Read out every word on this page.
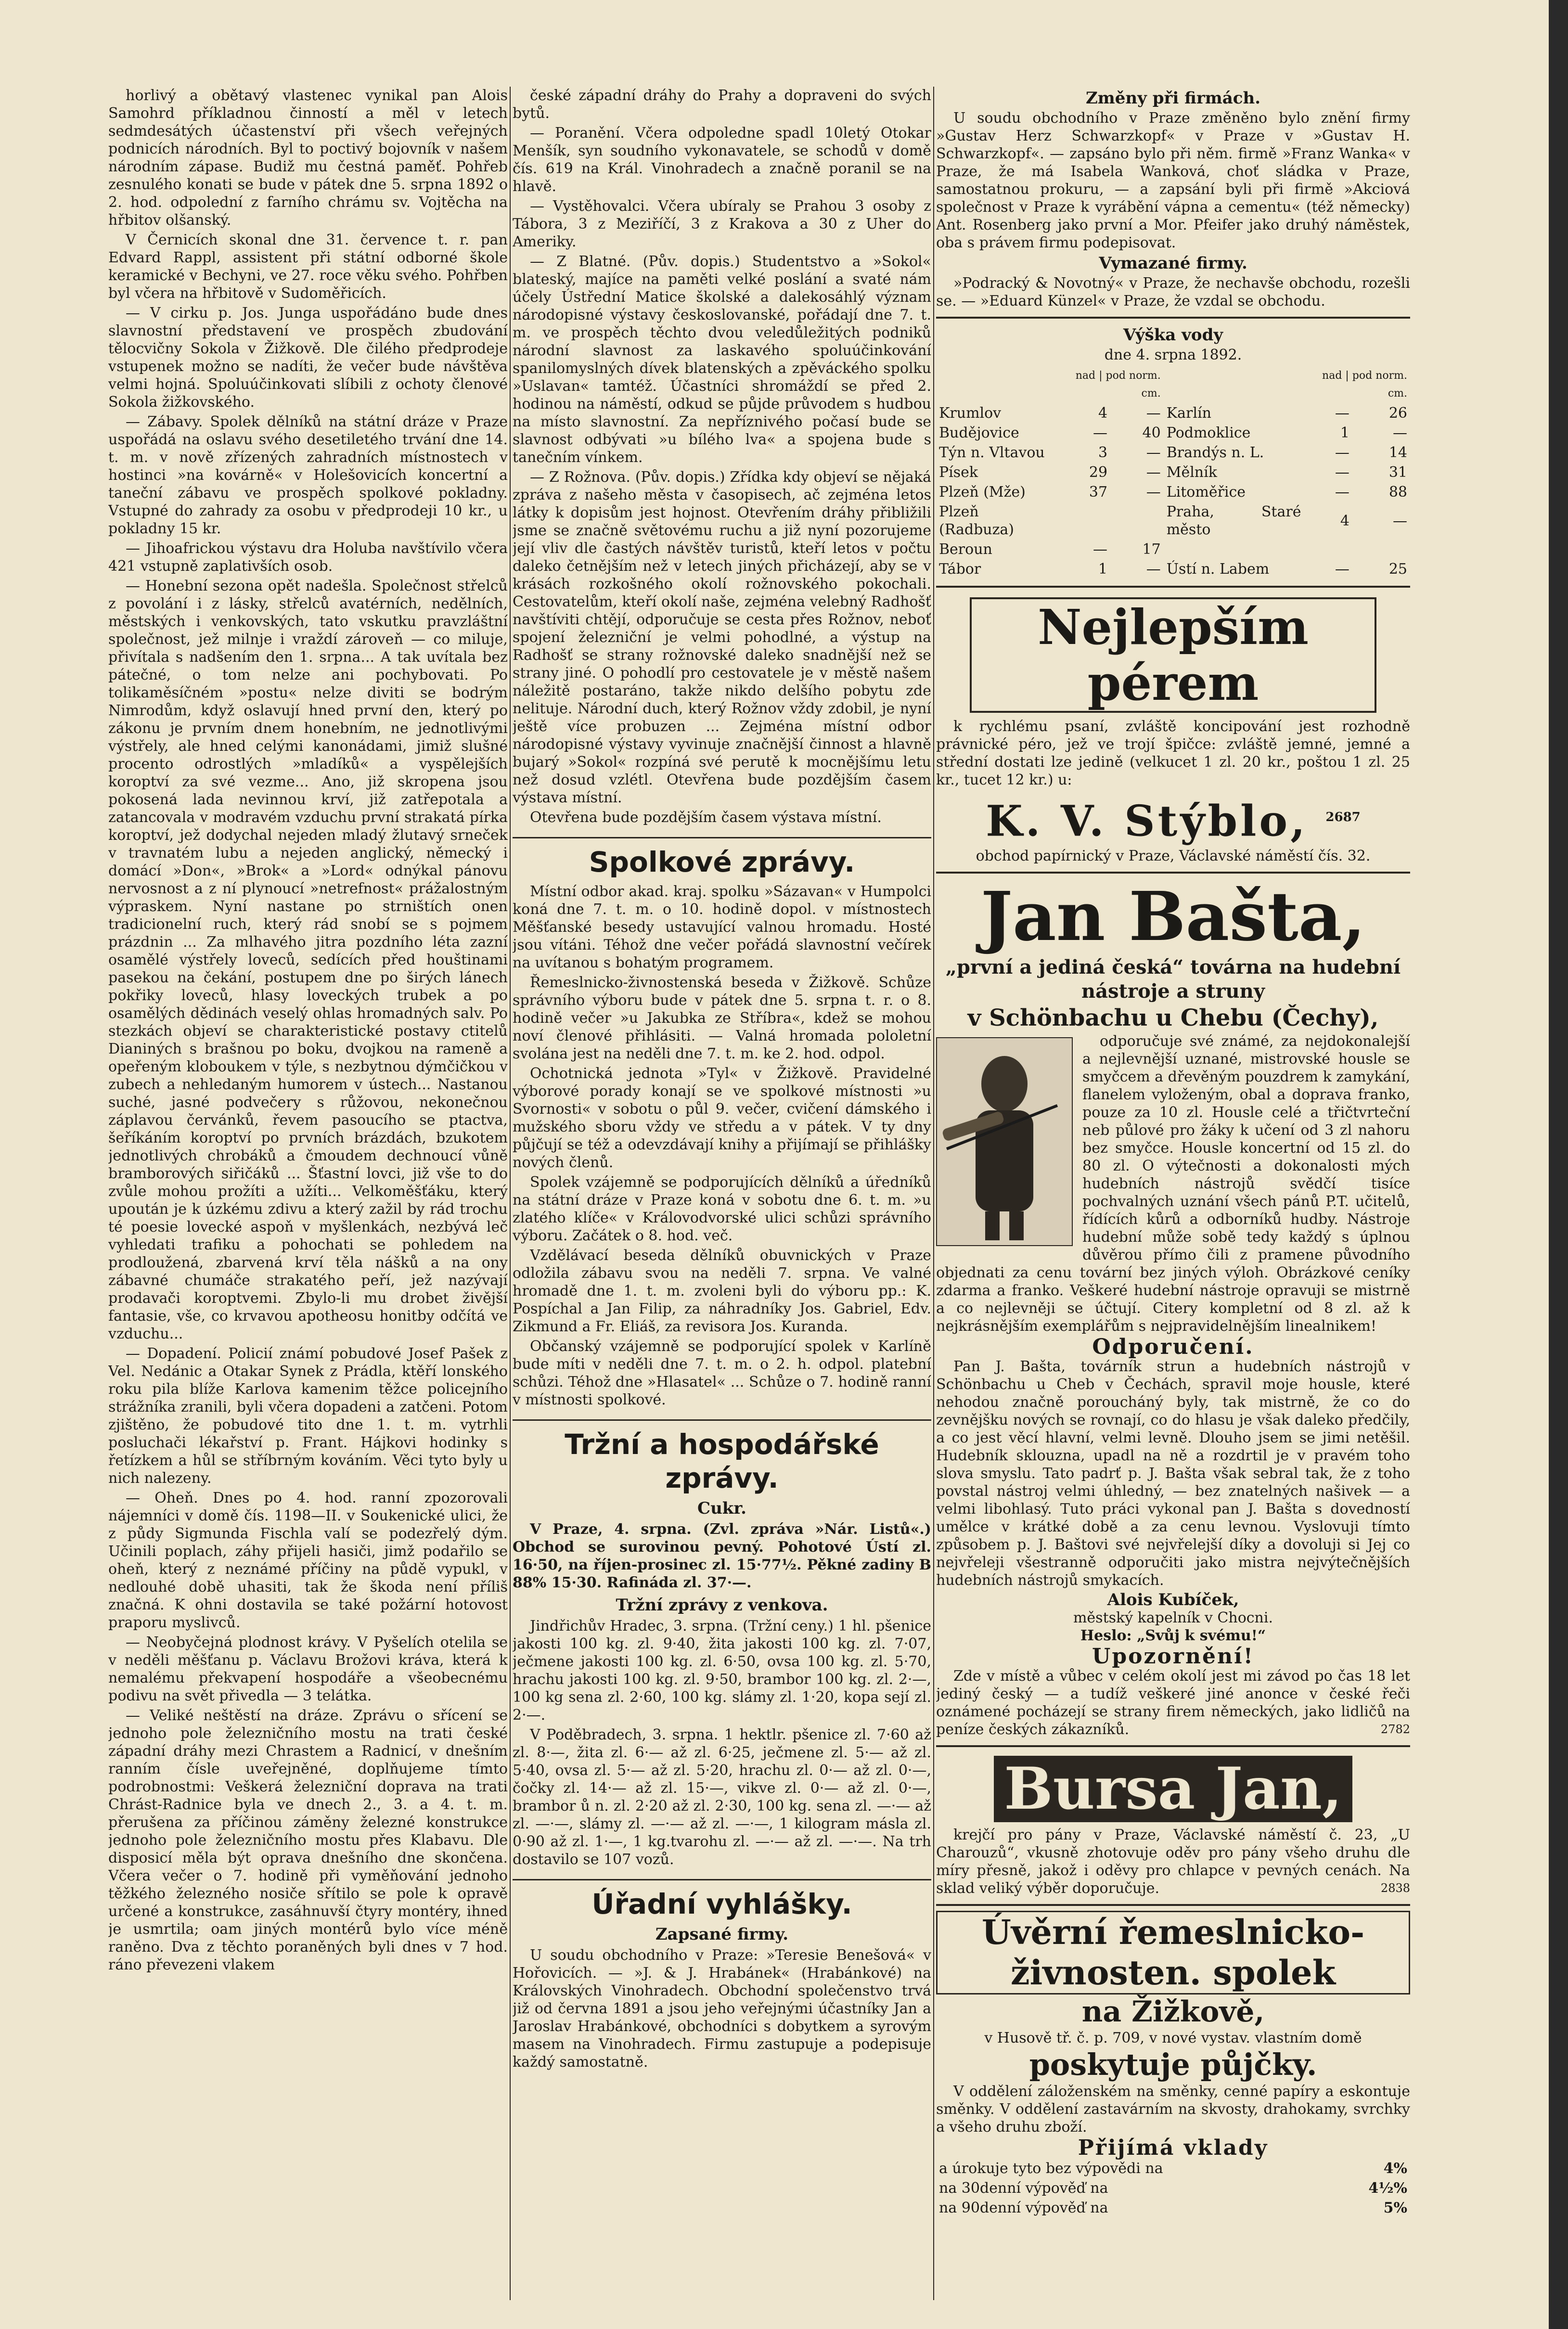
horlivý a obětavý vlastenec vynikal pan Alois Samohrd příkladnou činností a měl v letech sedmdesátých účastenství při všech veřejných podnicích národních. Byl to poctivý bojovník v našem národním zápase. Budiž mu čestná paměť. Pohřeb zesnulého konati se bude v pátek dne 5. srpna 1892 o 2. hod. odpolední z farního chrámu sv. Vojtěcha na hřbitov olšanský.

V Černicích skonal dne 31. července t. r. pan Edvard Rappl, assistent při státní odborné škole keramické v Bechyni, ve 27. roce věku svého. Pohřben byl včera na hřbitově v Sudoměřicích.

— V cirku p. Jos. Junga uspořádáno bude dnes slavnostní představení ve prospěch zbudování tělocvičny Sokola v Žižkově. Dle čilého předprodeje vstupenek možno se nadíti, že večer bude návštěva velmi hojná. Spoluúčinkovati slíbili z ochoty členové Sokola žižkovského.

— Zábavy. Spolek dělníků na státní dráze v Praze uspořádá na oslavu svého desetiletého trvání dne 14. t. m. v nově zřízených zahradních místnostech v hostinci »na kovárně« v Holešovicích koncertní a taneční zábavu ve prospěch spolkové pokladny. Vstupné do zahrady za osobu v předprodeji 10 kr., u pokladny 15 kr.

— Jihoafrickou výstavu dra Holuba navštívilo včera 421 vstupně zaplativších osob.

— Honební sezona opět nadešla. Společnost střelců z povolání i z lásky, střelců avatérních, nedělních, městských i venkovských, tato vskutku pravzláštní společnost, jež milnje i vraždí zároveň — co miluje, přivítala s nadšením den 1. srpna... A tak uvítala bez pátečné, o tom nelze ani pochybovati. Po tolikaměsíčném »postu« nelze diviti se bodrým Nimrodům, když oslavují hned první den, který po zákonu je prvním dnem honebním, ne jednotlivými výstřely, ale hned celými kanonádami, jimiž slušné procento odrostlých »mladíků« a vyspělejších koroptví za své vezme... Ano, již skropena jsou pokosená lada nevinnou krví, již zatřepotala a zatancovala v modravém vzduchu první strakatá pírka koroptví, jež dodychal nejeden mladý žlutavý srneček v travnatém lubu a nejeden anglický, německý i domácí »Don«, »Brok« a »Lord« odnýkal pánovu nervosnost a z ní plynoucí »netrefnost« prážalostným výpraskem. Nyní nastane po strništích onen tradicionelní ruch, který rád snobí se s pojmem prázdnin ... Za mlhavého jitra pozdního léta zazní osamělé výstřely loveců, sedících před houštinami pasekou na čekání, postupem dne po širých lánech pokřiky loveců, hlasy loveckých trubek a po osamělých dědinách veselý ohlas hromadných salv. Po stezkách objeví se charakteristické postavy ctitelů Dianiných s brašnou po boku, dvojkou na rameně a opeřeným kloboukem v týle, s nezbytnou dýmčičkou v zubech a nehledaným humorem v ústech... Nastanou suché, jasné podvečery s růžovou, nekonečnou záplavou červánků, řevem pasoucího se ptactva, šeříkáním koroptví po prvních brázdách, bzukotem jednotlivých chrobáků a čmoudem dechnoucí vůně bramborových siřičáků ... Šťastní lovci, již vše to do zvůle mohou prožíti a užíti... Velkoměšťáku, který upoután je k úzkému zdivu a který zažil by rád trochu té poesie lovecké aspoň v myšlenkách, nezbývá leč vyhledati trafiku a pohochati se pohledem na prodloužená, zbarvená krví těla nášků a na ony zábavné chumáče strakatého peří, jež nazývají prodavači koroptvemi. Zbylo-li mu drobet živější fantasie, vše, co krvavou apotheosu honitby odčítá ve vzduchu...

— Dopadení. Policií známí pobudové Josef Pašek z Vel. Nedánic a Otakar Synek z Prádla, ktěří lonského roku pila blíže Karlova kamenim těžce policejního strážníka zranili, byli včera dopadeni a zatčeni. Potom zjištěno, že pobudové tito dne 1. t. m. vytrhli posluchači lékařství p. Frant. Hájkovi hodinky s řetízkem a hůl se stříbrným kováním. Věci tyto byly u nich nalezeny.

— Oheň. Dnes po 4. hod. ranní zpozorovali nájemníci v domě čís. 1198—II. v Soukenické ulici, že z půdy Sigmunda Fischla valí se podezřelý dým. Učinili poplach, záhy přijeli hasiči, jimž podařilo se oheň, který z neznámé příčiny na půdě vypukl, v nedlouhé době uhasiti, tak že škoda není příliš značná. K ohni dostavila se také požární hotovost praporu myslivců.

— Neobyčejná plodnost krávy. V Pyšelích otelila se v neděli měšťanu p. Václavu Brožovi kráva, která k nemalému překvapení hospodáře a všeobecnému podivu na svět přivedla — 3 telátka.

— Veliké neštěstí na dráze. Zprávu o sřícení se jednoho pole železničního mostu na trati české západní dráhy mezi Chrastem a Radnicí, v dnešním ranním čísle uveřejněné, doplňujeme tímto podrobnostmi: Veškerá železniční doprava na trati Chrást-Radnice byla ve dnech 2., 3. a 4. t. m. přerušena za příčinou záměny železné konstrukce jednoho pole železničního mostu přes Klabavu. Dle disposicí měla být oprava dnešního dne skončena. Včera večer o 7. hodině při vyměňování jednoho těžkého železného nosiče sřítilo se pole k opravě určené a konstrukce, zasáhnuvší čtyry montéry, ihned je usmrtila; oam jiných montérů bylo více méně raněno. Dva z těchto poraněných byli dnes v 7 hod. ráno převezeni vlakem

české západní dráhy do Prahy a dopraveni do svých bytů.

— Poranění. Včera odpoledne spadl 10letý Otokar Menšík, syn soudního vykonavatele, se schodů v domě čís. 619 na Král. Vinohradech a značně poranil se na hlavě.

— Vystěhovalci. Včera ubíraly se Prahou 3 osoby z Tábora, 3 z Meziříčí, 3 z Krakova a 30 z Uher do Ameriky.

— Z Blatné. (Pův. dopis.) Studentstvo a »Sokol« blateský, majíce na paměti velké poslání a svaté nám účely Ústřední Matice školské a dalekosáhlý význam národopisné výstavy českoslovanské, pořádají dne 7. t. m. ve prospěch těchto dvou veledůležitých podniků národní slavnost za laskavého spoluúčinkování spanilomyslných dívek blatenských a zpěváckého spolku »Uslavan« tamtéž. Účastníci shromáždí se před 2. hodinou na náměstí, odkud se půjde průvodem s hudbou na místo slavnostní. Za nepříznivého počasí bude se slavnost odbývati »u bílého lva« a spojena bude s tanečním vínkem.

— Z Rožnova. (Pův. dopis.) Zřídka kdy objeví se nějaká zpráva z našeho města v časopisech, ač zejména letos látky k dopisům jest hojnost. Otevřením dráhy přibližili jsme se značně světovému ruchu a již nyní pozorujeme její vliv dle častých návštěv turistů, kteří letos v počtu daleko četnějším než v letech jiných přicházejí, aby se v krásách rozkošného okolí rožnovského pokochali. Cestovatelům, kteří okolí naše, zejména velebný Radhošť navštíviti chtějí, odporučuje se cesta přes Rožnov, neboť spojení železniční je velmi pohodlné, a výstup na Radhošť se strany rožnovské daleko snadnější než se strany jiné. O pohodlí pro cestovatele je v městě našem náležitě postaráno, takže nikdo delšího pobytu zde nelituje. Národní duch, který Rožnov vždy zdobil, je nyní ještě více probuzen ... Zejména místní odbor národopisné výstavy vyvinuje značnější činnost a hlavně bujarý »Sokol« rozpíná své perutě k mocnějšímu letu než dosud vzlétl. Otevřena bude pozdějším časem výstava místní.

Otevřena bude pozdějším časem výstava místní.

Spolkové zprávy.

Místní odbor akad. kraj. spolku »Sázavan« v Humpolci koná dne 7. t. m. o 10. hodině dopol. v místnostech Měšťanské besedy ustavující valnou hromadu. Hosté jsou vítáni. Téhož dne večer pořádá slavnostní večírek na uvítanou s bohatým programem.

Řemeslnicko-živnostenská beseda v Žižkově. Schůze správního výboru bude v pátek dne 5. srpna t. r. o 8. hodině večer »u Jakubka ze Stříbra«, kdež se mohou noví členové přihlásiti. — Valná hromada pololetní svolána jest na neděli dne 7. t. m. ke 2. hod. odpol.

Ochotnická jednota »Tyl« v Žižkově. Pravidelné výborové porady konají se ve spolkové místnosti »u Svornosti« v sobotu o půl 9. večer, cvičení dámského i mužského sboru vždy ve středu a v pátek. V ty dny půjčují se též a odevzdávají knihy a přijímají se přihlášky nových členů.

Spolek vzájemně se podporujících dělníků a úředníků na státní dráze v Praze koná v sobotu dne 6. t. m. »u zlatého klíče« v Královodvorské ulici schůzi správního výboru. Začátek o 8. hod. več.

Vzdělávací beseda dělníků obuvnických v Praze odložila zábavu svou na neděli 7. srpna. Ve valné hromadě dne 1. t. m. zvoleni byli do výboru pp.: K. Pospíchal a Jan Filip, za náhradníky Jos. Gabriel, Edv. Zikmund a Fr. Eliáš, za revisora Jos. Kuranda.

Občanský vzájemně se podporující spolek v Karlíně bude míti v neděli dne 7. t. m. o 2. h. odpol. platební schůzi. Téhož dne »Hlasatel« ... Schůze o 7. hodině ranní v místnosti spolkové.

Tržní a hospodářské zprávy.
Cukr.

V Praze, 4. srpna. (Zvl. zpráva »Nár. Listů«.) Obchod se surovinou pevný. Pohotové Ústí zl. 16·50, na říjen-prosinec zl. 15·77½. Pěkné zadiny B 88% 15·30. Rafináda zl. 37·—.

Tržní zprávy z venkova.

Jindřichův Hradec, 3. srpna. (Tržní ceny.) 1 hl. pšenice jakosti 100 kg. zl. 9·40, žita jakosti 100 kg. zl. 7·07, ječmene jakosti 100 kg. zl. 6·50, ovsa 100 kg. zl. 5·70, hrachu jakosti 100 kg. zl. 9·50, brambor 100 kg. zl. 2·—, 100 kg sena zl. 2·60, 100 kg. slámy zl. 1·20, kopa sejí zl. 2·—.

V Poděbradech, 3. srpna. 1 hektlr. pšenice zl. 7·60 až zl. 8·—, žita zl. 6·— až zl. 6·25, ječmene zl. 5·— až zl. 5·40, ovsa zl. 5·— až zl. 5·20, hrachu zl. 0·— až zl. 0·—, čočky zl. 14·— až zl. 15·—, vikve zl. 0·— až zl. 0·—, brambor ů n. zl. 2·20 až zl. 2·30, 100 kg. sena zl. —·— až zl. —·—, slámy zl. —·— až zl. —·—, 1 kilogram másla zl. 0·90 až zl. 1·—, 1 kg.tvarohu zl. —·— až zl. —·—. Na trh dostavilo se 107 vozů.

Úřadní vyhlášky.
Zapsané firmy.

U soudu obchodního v Praze: »Teresie Benešová« v Hořovicích. — »J. & J. Hrabánek« (Hrabánkové) na Královských Vinohradech. Obchodní společenstvo trvá již od června 1891 a jsou jeho veřejnými účastníky Jan a Jaroslav Hrabánkové, obchodníci s dobytkem a syrovým masem na Vinohradech. Firmu zastupuje a podepisuje každý samostatně.

Změny při firmách.

U soudu obchodního v Praze změněno bylo znění firmy »Gustav Herz Schwarzkopf« v Praze v »Gustav H. Schwarzkopf«. — zapsáno bylo při něm. firmě »Franz Wanka« v Praze, že má Isabela Wanková, choť sládka v Praze, samostatnou prokuru, — a zapsání byli při firmě »Akciová společnost v Praze k vyrábění vápna a cementu« (též německy) Ant. Rosenberg jako první a Mor. Pfeifer jako druhý náměstek, oba s právem firmu podepisovat.

Vymazané firmy.

»Podracký & Novotný« v Praze, že nechavše obchodu, rozešli se. — »Eduard Künzel« v Praze, že vzdal se obchodu.

Výška vody
dne 4. srpna 1892.
	nad | pod norm. cm.			nad | pod norm. cm.	
Krumlov	4	—	Karlín	—	26
Budějovice	—	40	Podmoklice	1	—
Týn n. Vltavou	3	—	Brandýs n. L.	—	14
Písek	29	—	Mělník	—	31
Plzeň (Mže)	37	—	Litoměřice	—	88
Plzeň (Radbuza)			Praha, Staré město	4	—
Beroun	—	17			
Tábor	1	—	Ústí n. Labem	—	25
Nejlepším pérem

k rychlému psaní, zvláště koncipování jest rozhodně právnické péro, jež ve trojí špičce: zvláště jemné, jemné a střední dostati lze jedině (velkucet 1 zl. 20 kr., poštou 1 zl. 25 kr., tucet 12 kr.) u:

K. V. Stýblo, $^{2687}$
obchod papírnický v Praze, Václavské náměstí čís. 32.
Jan Bašta,
„první a jediná česká“ továrna na hudební nástroje a struny
v Schönbachu u Chebu (Čechy),

odporučuje své známé, za nejdokonalejší a nejlevnější uznané, mistrovské housle se smyčcem a dřevěným pouzdrem k zamykání, flanelem vyloženým, obal a doprava franko, pouze za 10 zl. Housle celé a třičtvrteční neb půlové pro žáky k učení od 3 zl nahoru bez smyčce. Housle koncertní od 15 zl. do 80 zl. O výtečnosti a dokonalosti mých hudebních nástrojů svědčí tisíce pochvalných uznání všech pánů P.T. učitelů, řídících kůrů a odborníků hudby. Nástroje hudební může sobě tedy každý s úplnou důvěrou přímo čili z pramene původního objednati za cenu tovární bez jiných výloh. Obrázkové ceníky zdarma a franko. Veškeré hudební nástroje opravuji se mistrně a co nejlevněji se účtují. Citery kompletní od 8 zl. až k nejkrásnějším exemplářům s nejpravidelnějším linealnikem!

Odporučení.

Pan J. Bašta, továrník strun a hudebních nástrojů v Schönbachu u Cheb v Čechách, spravil moje housle, které nehodou značně poroucháný byly, tak mistrně, že co do zevnějšku nových se rovnají, co do hlasu je však daleko předčily, a co jest věcí hlavní, velmi levně. Dlouho jsem se jimi netěšil. Hudebník sklouzna, upadl na ně a rozdrtil je v pravém toho slova smyslu. Tato padrť p. J. Bašta však sebral tak, že z toho povstal nástroj velmi úhledný, — bez znatelných našivek — a velmi libohlasý. Tuto práci vykonal pan J. Bašta s dovedností umělce v krátké době a za cenu levnou. Vyslovuji tímto způsobem p. J. Baštovi své nejvřelejší díky a dovoluji si Jej co nejvřeleji všestranně odporučiti jako mistra nejvýtečnějších hudebních nástrojů smykacích.

Alois Kubíček,
městský kapelník v Chocni.
Heslo: „Svůj k svému!“
Upozornění!

Zde v místě a vůbec v celém okolí jest mi závod po čas 18 let jediný český — a tudíž veškeré jiné anonce v české řeči oznámené pocházejí se strany firem německých, jako lidličů na peníze českých zákazníků.	2782

Bursa Jan,

krejčí pro pány v Praze, Václavské náměstí č. 23, „U Charouzů“, vkusně zhotovuje oděv pro pány všeho druhu dle míry přesně, jakož i oděvy pro chlapce v pevných cenách. Na sklad veliký výběr doporučuje.	2838

Úvěrní řemeslnicko-živnosten. spolek
na Žižkově,
v Husově tř. č. p. 709, v nové vystav. vlastním domě
poskytuje půjčky.

V oddělení záloženském na směnky, cenné papíry a eskontuje směnky. V oddělení zastavárním na skvosty, drahokamy, svrchky a všeho druhu zboží.

Přijímá vklady
a úrokuje tyto bez výpovědi na	4%
na 30denní výpověď na	4½%
na 90denní výpověď na	5%
